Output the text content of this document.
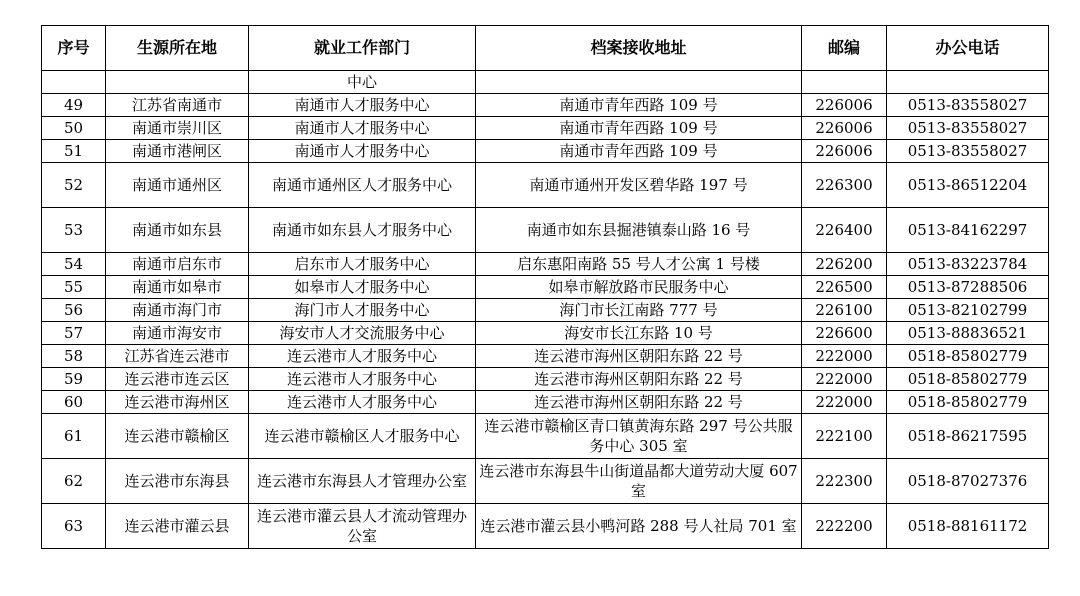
序号	生源所在地	就业工作部门	档案接收地址	邮编	办公电话
		中心			
49	江苏省南通市	南通市人才服务中心	南通市青年西路 109 号	226006	0513-83558027
50	南通市崇川区	南通市人才服务中心	南通市青年西路 109 号	226006	0513-83558027
51	南通市港闸区	南通市人才服务中心	南通市青年西路 109 号	226006	0513-83558027
52	南通市通州区	南通市通州区人才服务中心	南通市通州开发区碧华路 197 号	226300	0513-86512204
53	南通市如东县	南通市如东县人才服务中心	南通市如东县掘港镇泰山路 16 号	226400	0513-84162297
54	南通市启东市	启东市人才服务中心	启东惠阳南路 55 号人才公寓 1 号楼	226200	0513-83223784
55	南通市如皋市	如皋市人才服务中心	如皋市解放路市民服务中心	226500	0513-87288506
56	南通市海门市	海门市人才服务中心	海门市长江南路 777 号	226100	0513-82102799
57	南通市海安市	海安市人才交流服务中心	海安市长江东路 10 号	226600	0513-88836521
58	江苏省连云港市	连云港市人才服务中心	连云港市海州区朝阳东路 22 号	222000	0518-85802779
59	连云港市连云区	连云港市人才服务中心	连云港市海州区朝阳东路 22 号	222000	0518-85802779
60	连云港市海州区	连云港市人才服务中心	连云港市海州区朝阳东路 22 号	222000	0518-85802779
61	连云港市赣榆区	连云港市赣榆区人才服务中心	连云港市赣榆区青口镇黄海东路 297 号公共服务中心 305 室	222100	0518-86217595
62	连云港市东海县	连云港市东海县人才管理办公室	连云港市东海县牛山街道晶都大道劳动大厦 607 室	222300	0518-87027376
63	连云港市灌云县	连云港市灌云县人才流动管理办公室	连云港市灌云县小鸭河路 288 号人社局 701 室	222200	0518-88161172
